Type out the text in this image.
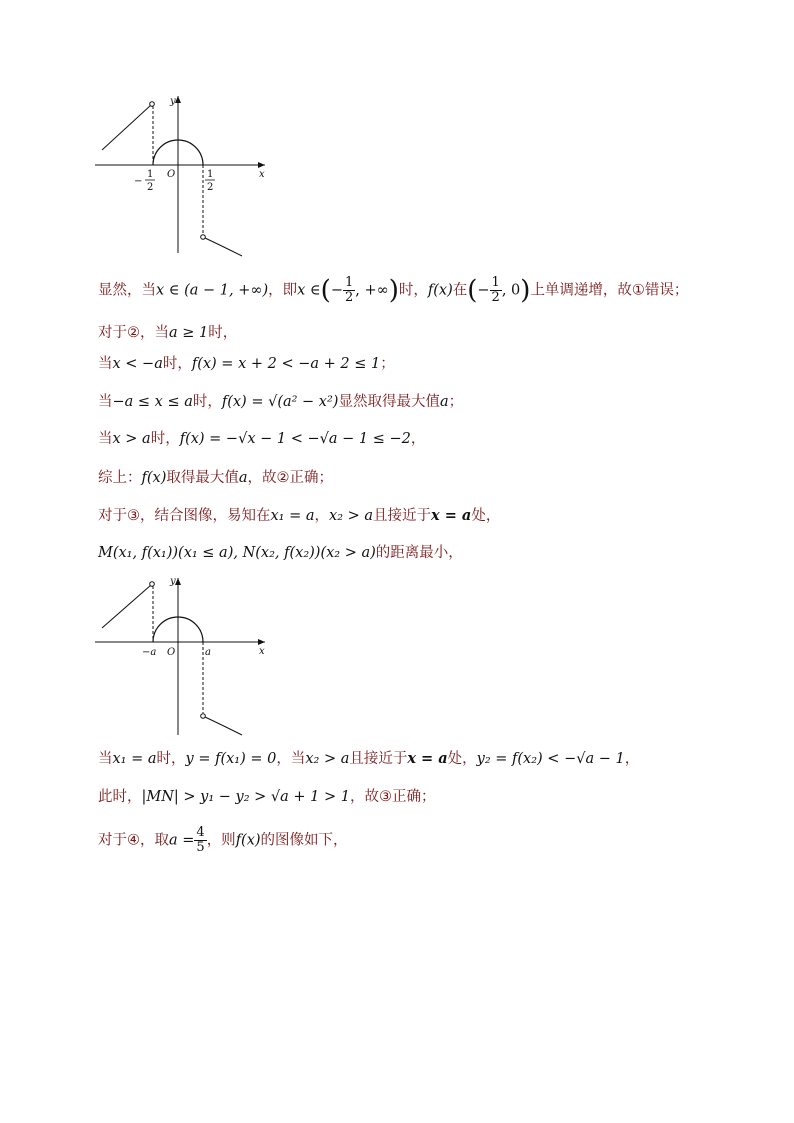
y
x
O
−
1
2
1
2
显然，当x ∈ (a − 1, +∞)，即x ∈(− $\frac{1}{2}$ , +∞)时，f(x)在(− $\frac{1}{2}$ , 0)上单调递增，故①错误；
对于②，当a ≥ 1时，
当x < −a时，f(x) = x + 2 < −a + 2 ≤ 1；
当−a ≤ x ≤ a时，f(x) = √(a² − x²)显然取得最大值a；
当x > a时，f(x) = −√x − 1 < −√a − 1 ≤ −2，
综上：f(x)取得最大值a，故②正确；
对于③，结合图像，易知在x₁ = a，x₂ > a且接近于x = a处，
M(x₁, f(x₁))(x₁ ≤ a), N(x₂, f(x₂))(x₂ > a)的距离最小，
y
x
O
−a	a
当x₁ = a时，y = f(x₁) = 0，当x₂ > a且接近于x = a处，y₂ = f(x₂) < −√a − 1，
此时，|MN| > y₁ − y₂ > √a + 1 > 1，故③正确；
对于④，取$a = \frac{4}{5}$ ，则f(x)的图像如下，
